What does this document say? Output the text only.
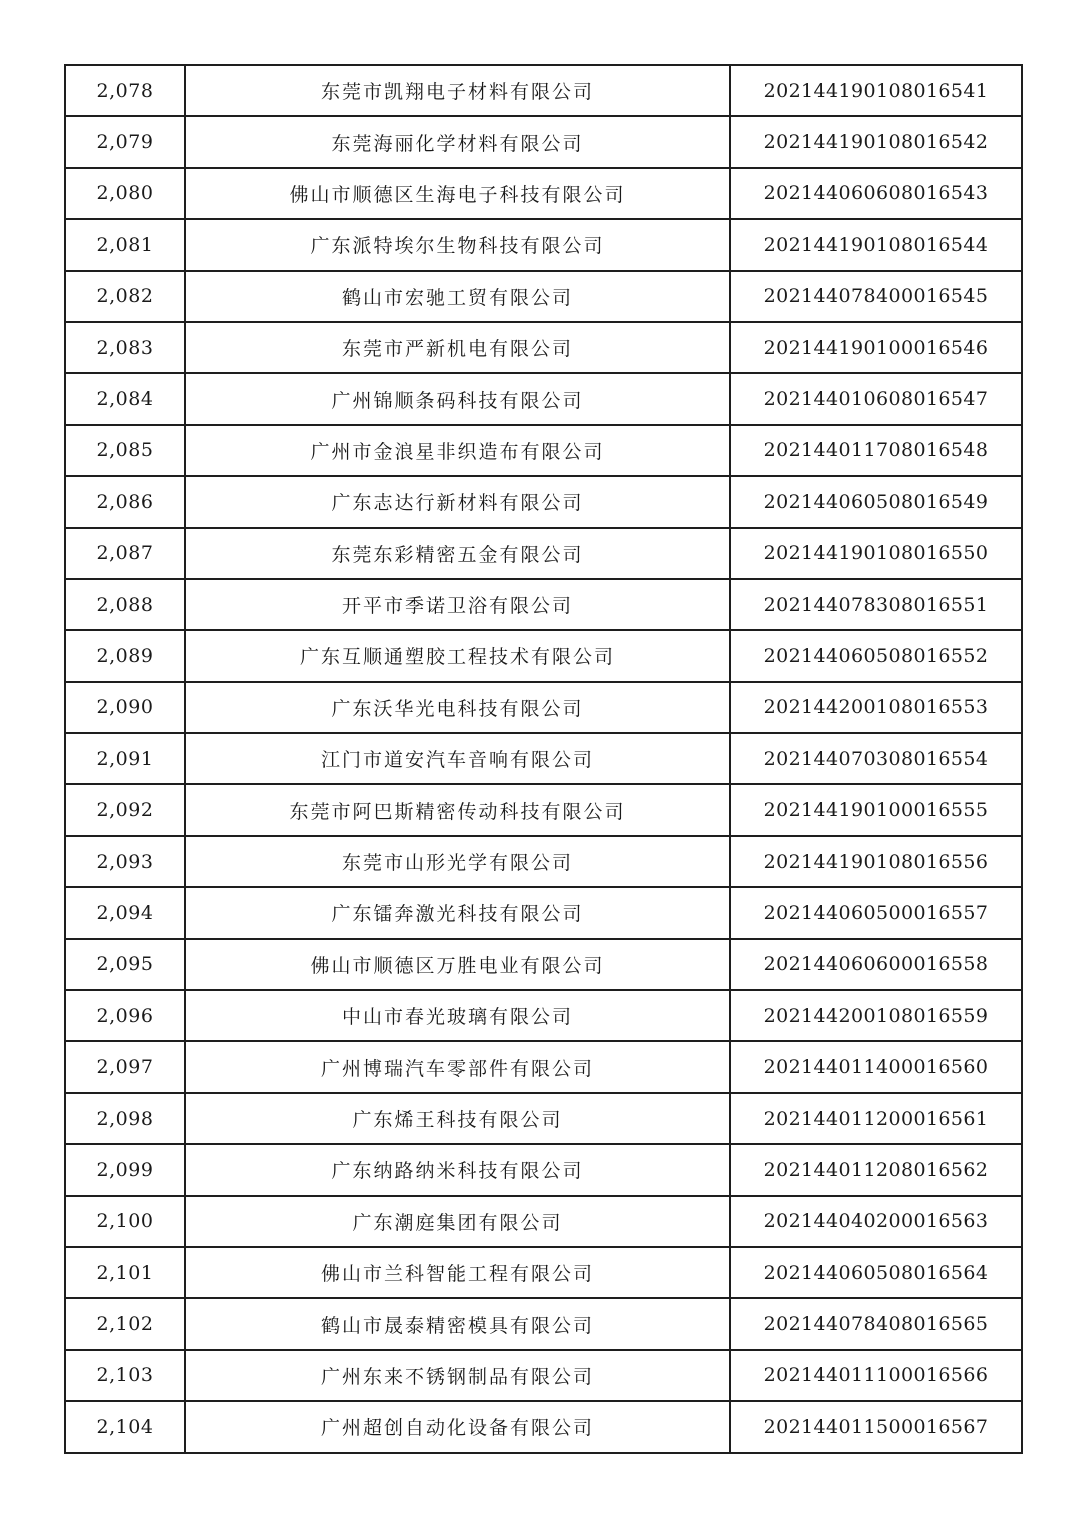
2,078	东莞市凯翔电子材料有限公司	202144190108016541
2,079	东莞海丽化学材料有限公司	202144190108016542
2,080	佛山市顺德区生海电子科技有限公司	202144060608016543
2,081	广东派特埃尔生物科技有限公司	202144190108016544
2,082	鹤山市宏驰工贸有限公司	202144078400016545
2,083	东莞市严新机电有限公司	202144190100016546
2,084	广州锦顺条码科技有限公司	202144010608016547
2,085	广州市金浪星非织造布有限公司	202144011708016548
2,086	广东志达行新材料有限公司	202144060508016549
2,087	东莞东彩精密五金有限公司	202144190108016550
2,088	开平市季诺卫浴有限公司	202144078308016551
2,089	广东互顺通塑胶工程技术有限公司	202144060508016552
2,090	广东沃华光电科技有限公司	202144200108016553
2,091	江门市道安汽车音响有限公司	202144070308016554
2,092	东莞市阿巴斯精密传动科技有限公司	202144190100016555
2,093	东莞市山形光学有限公司	202144190108016556
2,094	广东镭奔激光科技有限公司	202144060500016557
2,095	佛山市顺德区万胜电业有限公司	202144060600016558
2,096	中山市春光玻璃有限公司	202144200108016559
2,097	广州博瑞汽车零部件有限公司	202144011400016560
2,098	广东烯王科技有限公司	202144011200016561
2,099	广东纳路纳米科技有限公司	202144011208016562
2,100	广东潮庭集团有限公司	202144040200016563
2,101	佛山市兰科智能工程有限公司	202144060508016564
2,102	鹤山市晟泰精密模具有限公司	202144078408016565
2,103	广州东来不锈钢制品有限公司	202144011100016566
2,104	广州超创自动化设备有限公司	202144011500016567
